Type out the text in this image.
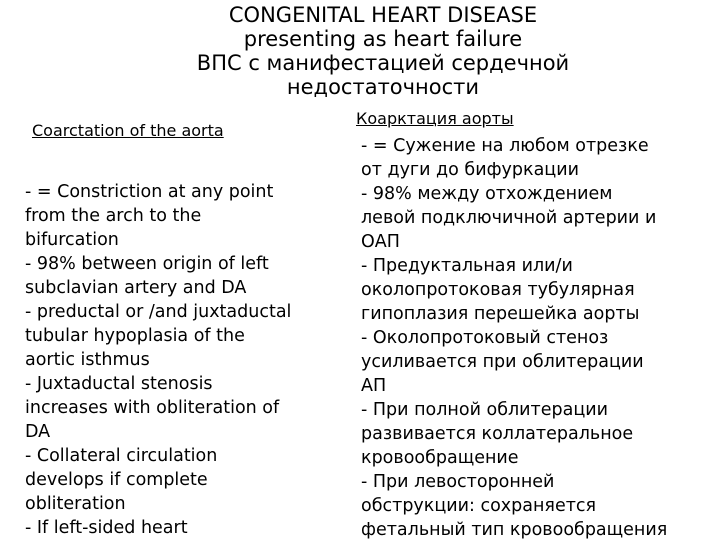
CONGENITAL HEART DISEASE
presenting as heart failure
ВПС с манифестацией сердечной
недостаточности
Coarctation of the aorta
Коарктация аорты

- = Constriction at any point

from the arch to the

bifurcation

- 98% between origin of left

subclavian artery and DA

- preductal or /and juxtaductal

tubular hypoplasia of the

aortic isthmus

- Juxtaductal stenosis

increases with obliteration of

DA

- Collateral circulation

develops if complete

obliteration

- If left-sided heart

- = Сужение на любом отрезке

от дуги до бифуркации

- 98% между отхождением

левой подключичной артерии и

ОАП

- Предуктальная или/и

околопротоковая тубулярная

гипоплазия перешейка аорты

- Околопротоковый стеноз

усиливается при облитерации

АП

- При полной облитерации

развивается коллатеральное

кровообращение

- При левосторонней

обструкции: сохраняется

фетальный тип кровообращения
